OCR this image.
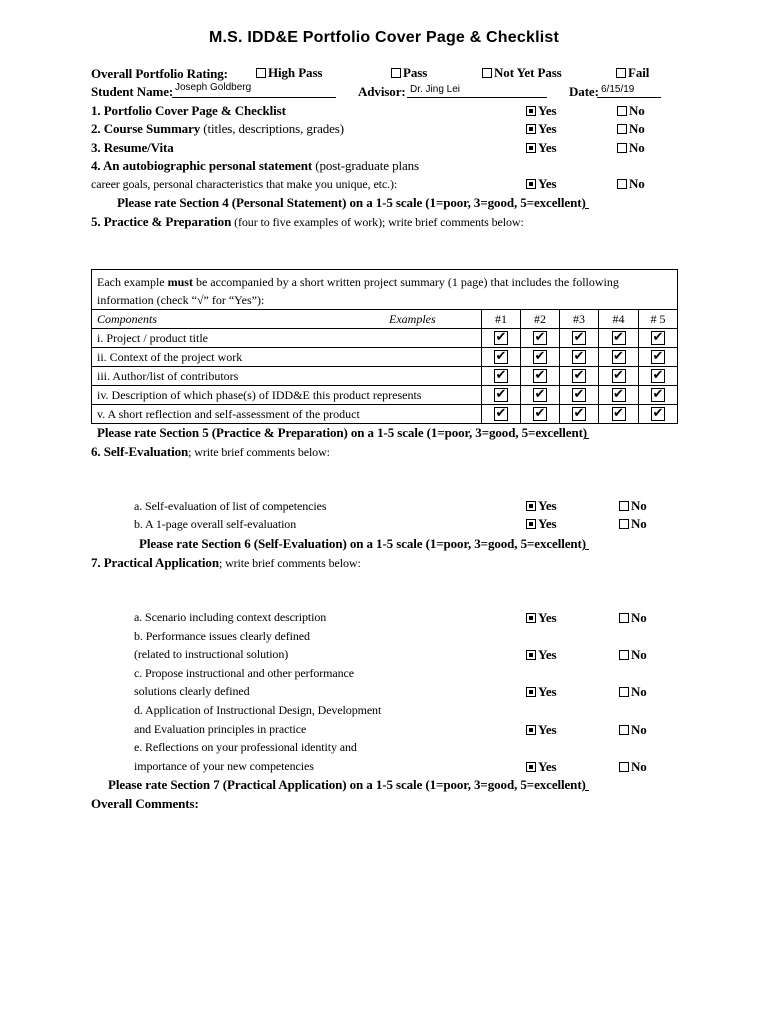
M.S. IDD&E Portfolio Cover Page & Checklist
Overall Portfolio Rating:	High Pass	Pass	Not Yet Pass	Fail
Student Name: Joseph Goldberg	Advisor: Dr. Jing Lei	Date: 6/15/19
1. Portfolio Cover Page & Checklist	Yes	No
2. Course Summary (titles, descriptions, grades)	Yes	No
3. Resume/Vita	Yes	No
4. An autobiographic personal statement (post-graduate plans
career goals, personal characteristics that make you unique, etc.):	Yes	No
Please rate Section 4 (Personal Statement) on a 1-5 scale (1=poor, 3=good, 5=excellent)
5. Practice & Preparation (four to five examples of work); write brief comments below:
Each example must be accompanied by a short written project summary (1 page) that includes the following
information (check “√” for “Yes”):					
Components Examples	#1	#2	#3	#4	# 5
i. Project / product title	✔	✔	✔	✔	✔
ii. Context of the project work	✔	✔	✔	✔	✔
iii. Author/list of contributors	✔	✔	✔	✔	✔
iv. Description of which phase(s) of IDD&E this product represents	✔	✔	✔	✔	✔
v. A short reflection and self-assessment of the product	✔	✔	✔	✔	✔
Please rate Section 5 (Practice & Preparation) on a 1-5 scale (1=poor, 3=good, 5=excellent)
6. Self-Evaluation; write brief comments below:
a. Self-evaluation of list of competencies	Yes	No
b. A 1-page overall self-evaluation	Yes	No
Please rate Section 6 (Self-Evaluation) on a 1-5 scale (1=poor, 3=good, 5=excellent)
7. Practical Application; write brief comments below:
a. Scenario including context description	Yes	No
b. Performance issues clearly defined
(related to instructional solution)	Yes	No
c. Propose instructional and other performance
solutions clearly defined	Yes	No
d. Application of Instructional Design, Development
and Evaluation principles in practice	Yes	No
e. Reflections on your professional identity and
importance of your new competencies	Yes	No
Please rate Section 7 (Practical Application) on a 1-5 scale (1=poor, 3=good, 5=excellent)
Overall Comments:
